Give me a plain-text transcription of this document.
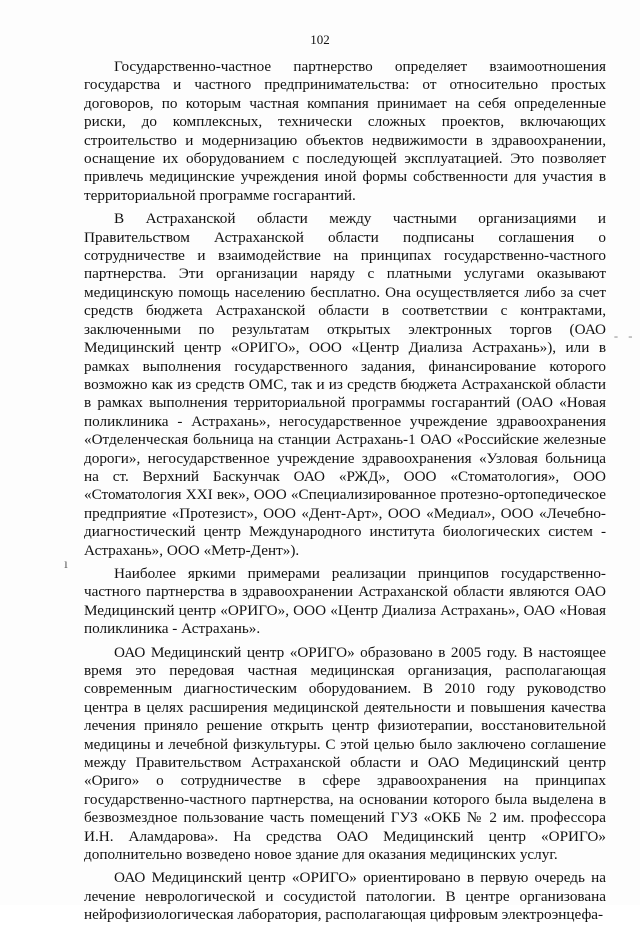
102

Государственно-частное партнерство определяет взаимоотношения государства и частного предпринимательства: от относительно простых договоров, по которым частная компания принимает на себя определенные риски, до комплексных, технически сложных проектов, включающих строительство и модернизацию объектов недвижимости в здравоохранении, оснащение их оборудованием с последующей эксплуатацией. Это позволяет привлечь медицинские учреждения иной формы собственности для участия в территориальной программе госгарантий.

В Астраханской области между частными организациями и Правительством Астраханской области подписаны соглашения о сотрудничестве и взаимодействие на принципах государственно-частного партнерства. Эти организации наряду с платными услугами оказывают медицинскую помощь населению бесплатно. Она осуществляется либо за счет средств бюджета Астраханской области в соответствии с контрактами, заключенными по результатам открытых электронных торгов (ОАО Медицинский центр «ОРИГО», ООО «Центр Диализа Астрахань»), или в рамках выполнения государственного задания, финансирование которого возможно как из средств ОМС, так и из средств бюджета Астраханской области в рамках выполнения территориальной программы госгарантий (ОАО «Новая поликлиника - Астрахань», негосударственное учреждение здравоохранения «Отделенческая больница на станции Астрахань-1 ОАО «Российские железные дороги», негосударственное учреждение здравоохранения «Узловая больница на ст. Верхний Баскунчак ОАО «РЖД», ООО «Стоматология», ООО «Стоматология XXI век», ООО «Специализированное протезно-ортопедическое предприятие «Протезист», ООО «Дент-Арт», ООО «Медиал», ООО «Лечебно-диагностический центр Международного института биологических систем - Астрахань», ООО «Метр-Дент»).

Наиболее яркими примерами реализации принципов государственно-частного партнерства в здравоохранении Астраханской области являются ОАО Медицинский центр «ОРИГО», ООО «Центр Диализа Астрахань», ОАО «Новая поликлиника - Астрахань».

ОАО Медицинский центр «ОРИГО» образовано в 2005 году. В настоящее время это передовая частная медицинская организация, располагающая современным диагностическим оборудованием. В 2010 году руководство центра в целях расширения медицинской деятельности и повышения качества лечения приняло решение открыть центр физиотерапии, восстановительной медицины и лечебной физкультуры. С этой целью было заключено соглашение между Правительством Астраханской области и ОАО Медицинский центр «Ориго» о сотрудничестве в сфере здравоохранения на принципах государственно-частного партнерства, на основании которого была выделена в безвозмездное пользование часть помещений ГУЗ «ОКБ № 2 им. профессора И.Н. Аламдарова». На средства ОАО Медицинский центр «ОРИГО» дополнительно возведено новое здание для оказания медицинских услуг.

ОАО Медицинский центр «ОРИГО» ориентировано в первую очередь на лечение неврологической и сосудистой патологии. В центре организована нейрофизиологическая лаборатория, располагающая цифровым электроэнцефа-

- -
ı
